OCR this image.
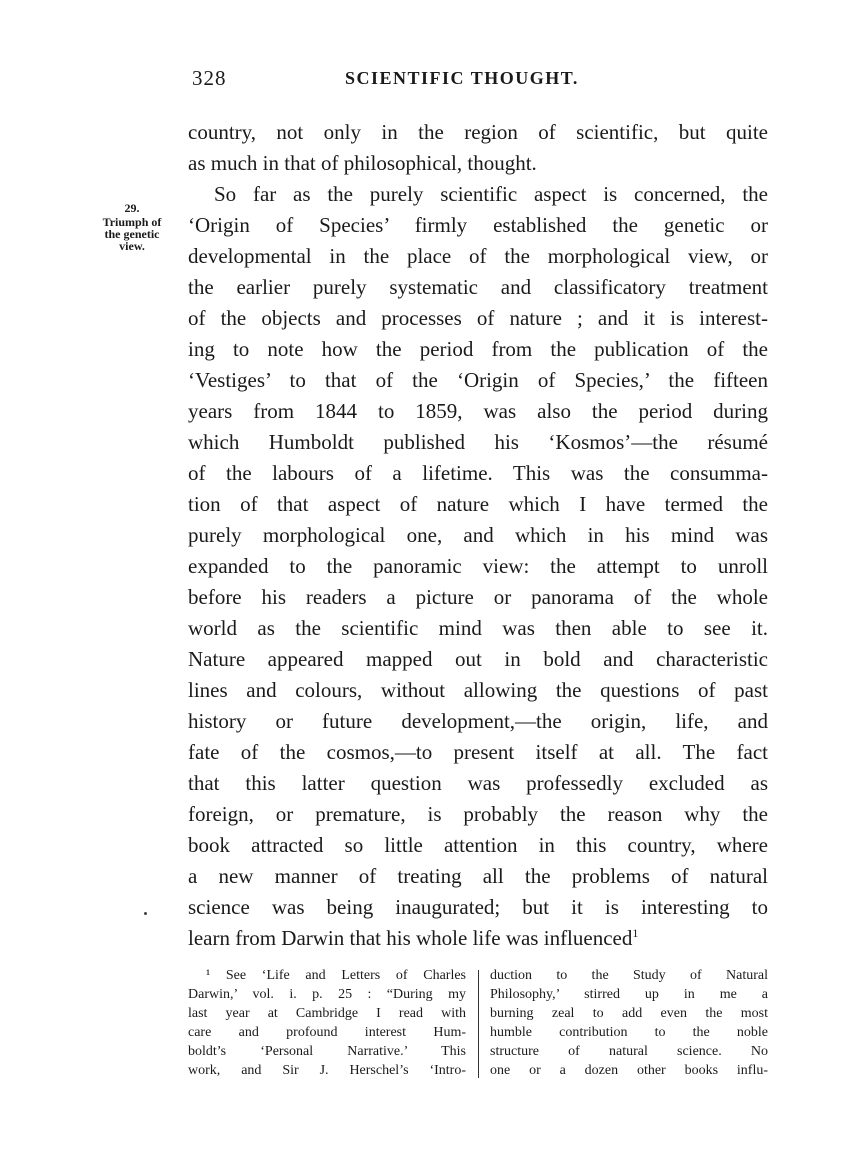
328	SCIENTIFIC THOUGHT.
29.
Triumph of
the genetic
view.
country, not only in the region of scientific, but quite
as much in that of philosophical, thought.
So far as the purely scientific aspect is concerned, the
‘Origin of Species’ firmly established the genetic or
developmental in the place of the morphological view, or
the earlier purely systematic and classificatory treatment
of the objects and processes of nature ; and it is interest-
ing to note how the period from the publication of the
‘Vestiges’ to that of the ‘Origin of Species,’ the fifteen
years from 1844 to 1859, was also the period during
which Humboldt published his ‘Kosmos’—the résumé
of the labours of a lifetime. This was the consumma-
tion of that aspect of nature which I have termed the
purely morphological one, and which in his mind was
expanded to the panoramic view: the attempt to unroll
before his readers a picture or panorama of the whole
world as the scientific mind was then able to see it.
Nature appeared mapped out in bold and characteristic
lines and colours, without allowing the questions of past
history or future development,—the origin, life, and
fate of the cosmos,—to present itself at all. The fact
that this latter question was professedly excluded as
foreign, or premature, is probably the reason why the
book attracted so little attention in this country, where
a new manner of treating all the problems of natural
science was being inaugurated; but it is interesting to
learn from Darwin that his whole life was influenced$^1$
¹ See ‘Life and Letters of Charles
Darwin,’ vol. i. p. 25 : “During my
last year at Cambridge I read with
care and profound interest Hum-
boldt’s ‘Personal Narrative.’ This
work, and Sir J. Herschel’s ‘Intro-
duction to the Study of Natural
Philosophy,’ stirred up in me a
burning zeal to add even the most
humble contribution to the noble
structure of natural science. No
one or a dozen other books influ-
